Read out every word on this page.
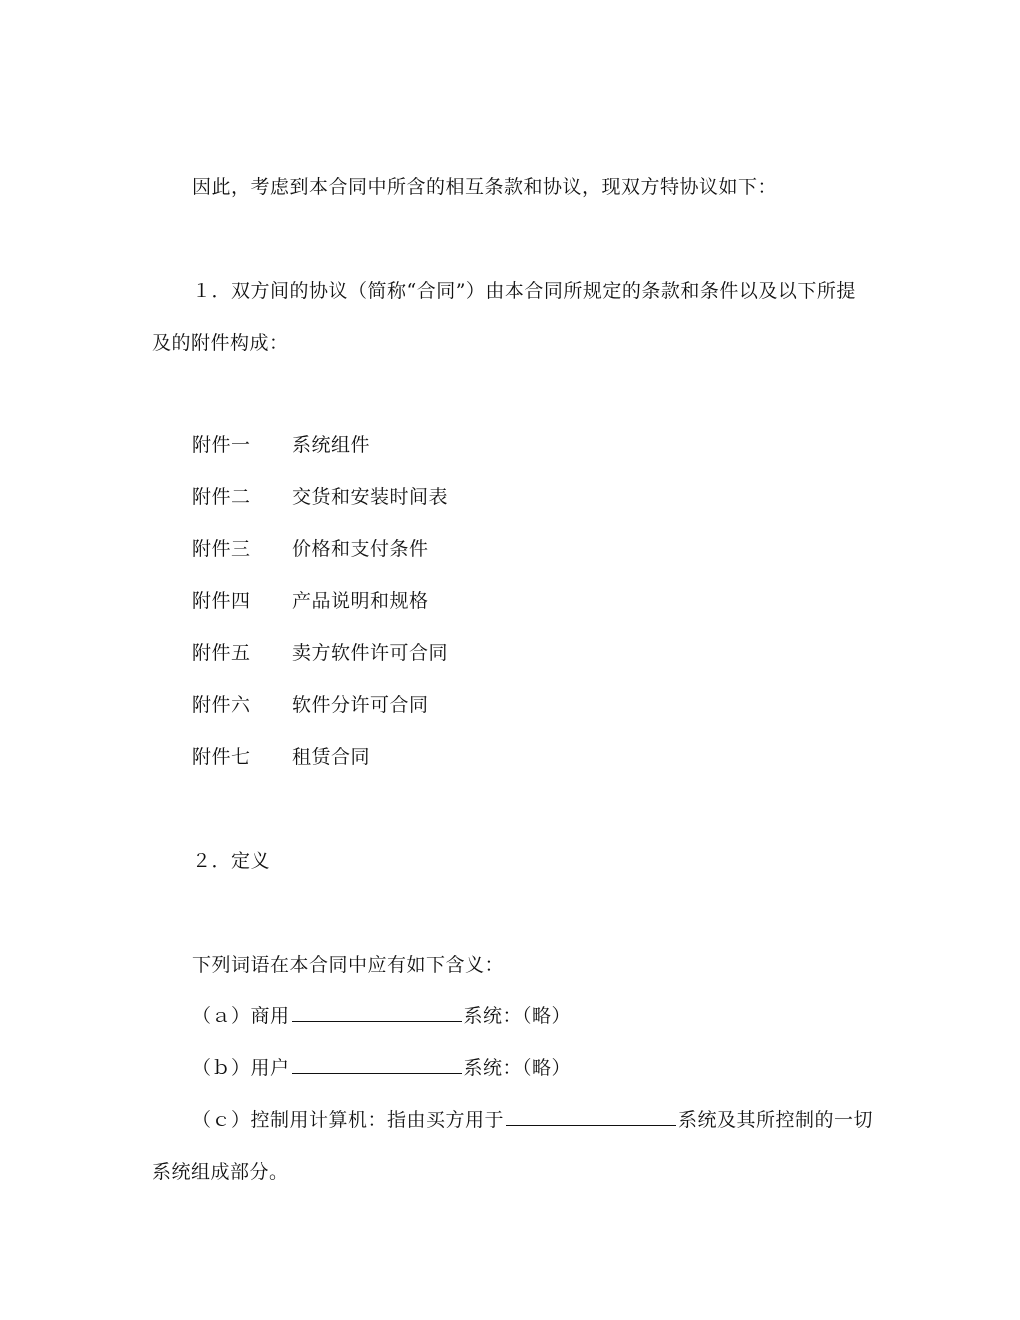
因此，考虑到本合同中所含的相互条款和协议，现双方特协议如下：
１．双方间的协议（简称“合同”）由本合同所规定的条款和条件以及以下所提
及的附件构成：
附件一 系统组件
附件二 交货和安装时间表
附件三 价格和支付条件
附件四 产品说明和规格
附件五 卖方软件许可合同
附件六 软件分许可合同
附件七 租赁合同
２．定义
下列词语在本合同中应有如下含义：
（ａ）商用	系统：（略）
（ｂ）用户	系统：（略）
（ｃ）控制用计算机：指由买方用于	系统及其所控制的一切
系统组成部分。
